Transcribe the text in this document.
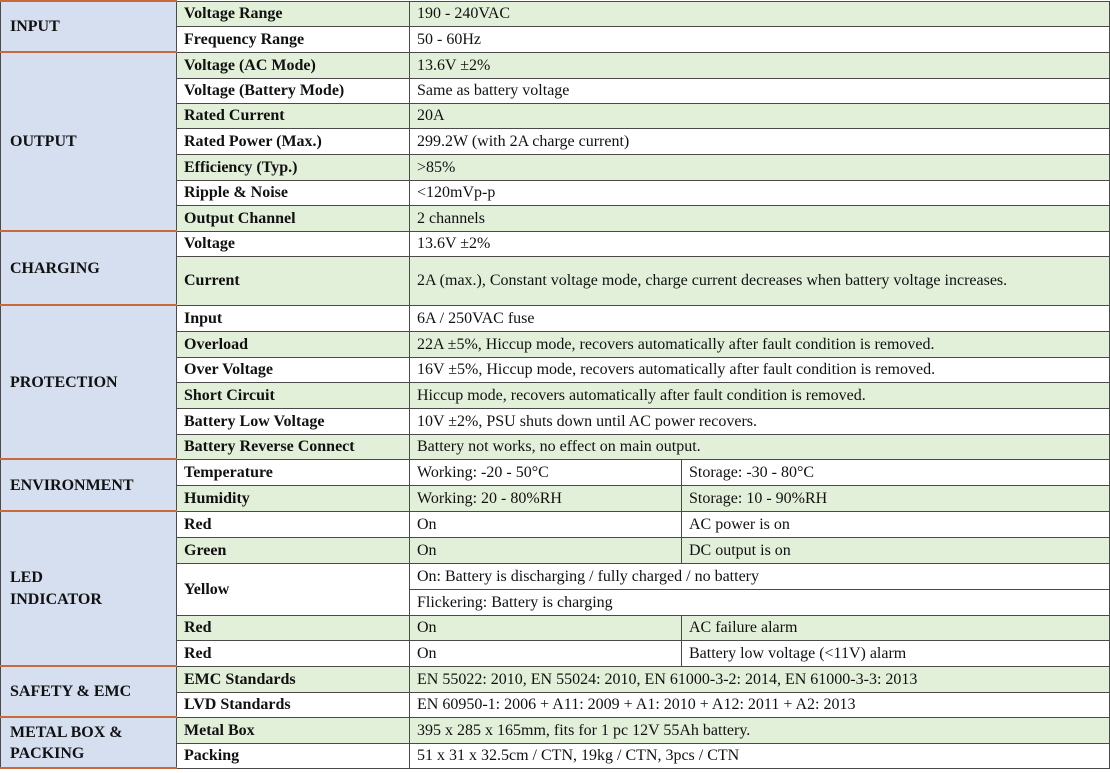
INPUT	Voltage Range	190 - 240VAC	
	Frequency Range	50 - 60Hz	
OUTPUT	Voltage (AC Mode)	13.6V ±2%	
	Voltage (Battery Mode)	Same as battery voltage	
	Rated Current	20A	
	Rated Power (Max.)	299.2W (with 2A charge current)	
	Efficiency (Typ.)	>85%	
	Ripple & Noise	<120mVp-p	
	Output Channel	2 channels	
CHARGING	Voltage	13.6V ±2%	
	Current	2A (max.), Constant voltage mode, charge current decreases when battery voltage increases.	
PROTECTION	Input	6A / 250VAC fuse	
	Overload	22A ±5%, Hiccup mode, recovers automatically after fault condition is removed.	
	Over Voltage	16V ±5%, Hiccup mode, recovers automatically after fault condition is removed.	
	Short Circuit	Hiccup mode, recovers automatically after fault condition is removed.	
	Battery Low Voltage	10V ±2%, PSU shuts down until AC power recovers.	
	Battery Reverse Connect	Battery not works, no effect on main output.	
ENVIRONMENT	Temperature	Working: -20 - 50°C	Storage: -30 - 80°C
	Humidity	Working: 20 - 80%RH	Storage: 10 - 90%RH
LED INDICATOR	Red	On	AC power is on
	Green	On	DC output is on
	Yellow	On: Battery is discharging / fully charged / no battery	
		Flickering: Battery is charging	
	Red	On	AC failure alarm
	Red	On	Battery low voltage (<11V) alarm
SAFETY & EMC	EMC Standards	EN 55022: 2010, EN 55024: 2010, EN 61000-3-2: 2014, EN 61000-3-3: 2013	
	LVD Standards	EN 60950-1: 2006 + A11: 2009 + A1: 2010 + A12: 2011 + A2: 2013	
METAL BOX & PACKING	Metal Box	395 x 285 x 165mm, fits for 1 pc 12V 55Ah battery.	
	Packing	51 x 31 x 32.5cm / CTN, 19kg / CTN, 3pcs / CTN	
